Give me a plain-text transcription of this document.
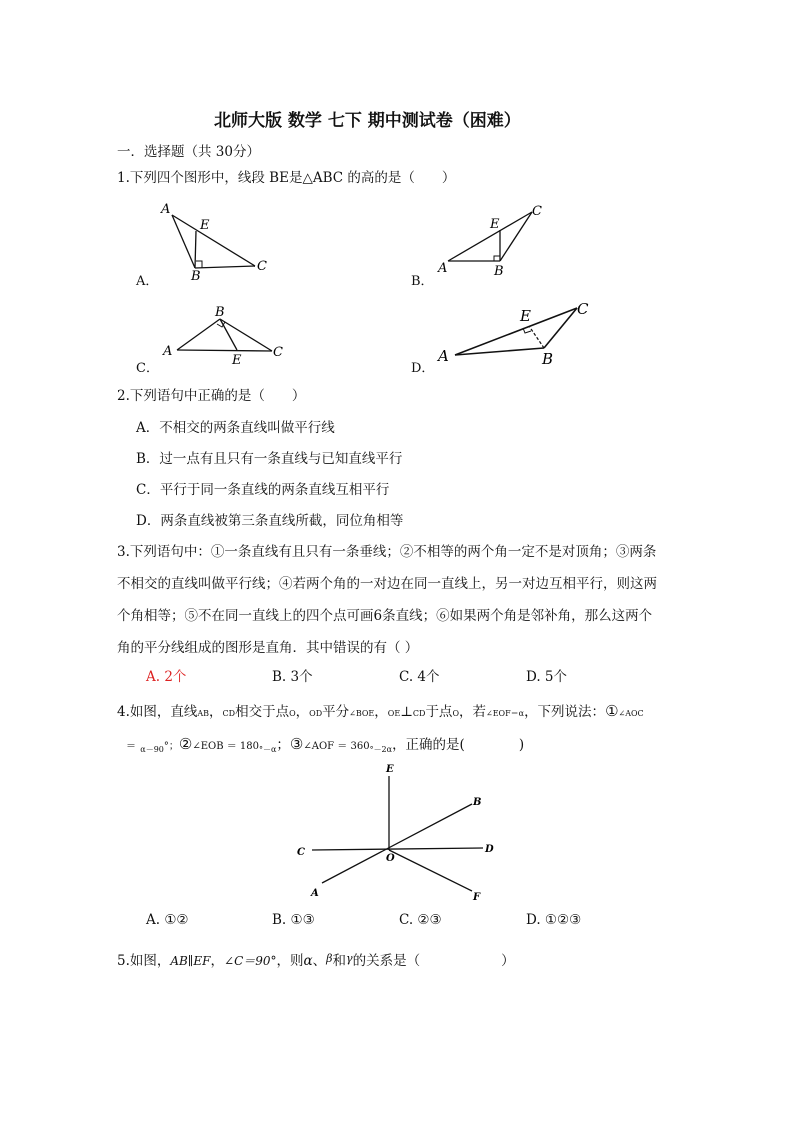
北师大版 数学 七下 期中测试卷（困难）
一．选择题（共 30分）
1.下列四个图形中，线段 BE是△ABC 的高的是（　　）
A．
A
E
B
C
B．
E
C
A	B
C．
B
A
E
C
D．
E	C
A	B
2.下列语句中正确的是（　　）
A．不相交的两条直线叫做平行线
B．过一点有且只有一条直线与已知直线平行
C．平行于同一条直线的两条直线互相平行
D．两条直线被第三条直线所截，同位角相等
3.下列语句中：①一条直线有且只有一条垂线；②不相等的两个角一定不是对顶角；③两条
不相交的直线叫做平行线；④若两个角的一对边在同一直线上，另一对边互相平行，则这两
个角相等；⑤不在同一直线上的四个点可画6条直线；⑥如果两个角是邻补角，那么这两个
角的平分线组成的图形是直角．其中错误的有（ ）
A. 2个	B. 3个	C. 4个	D. 5个
4.如图，直线AB，CD相交于点O，OD平分∠BOE，OE⊥CD于点O，若∠EOF＝α，下列说法：①∠AOC
＝ $_{\alpha-90}$°；②∠EOB ＝ $180_{^\circ-\alpha}$；③∠AOF ＝ $360_{^\circ-2\alpha}$，正确的是(　　　　)
E
B
C	D
O
A	F
A. ①②	B. ①③	C. ②③	D. ①②③
5.如图，AB∥EF，∠C＝90°，则α、$^\beta$和$^\gamma$的关系是（　　　　　　）
